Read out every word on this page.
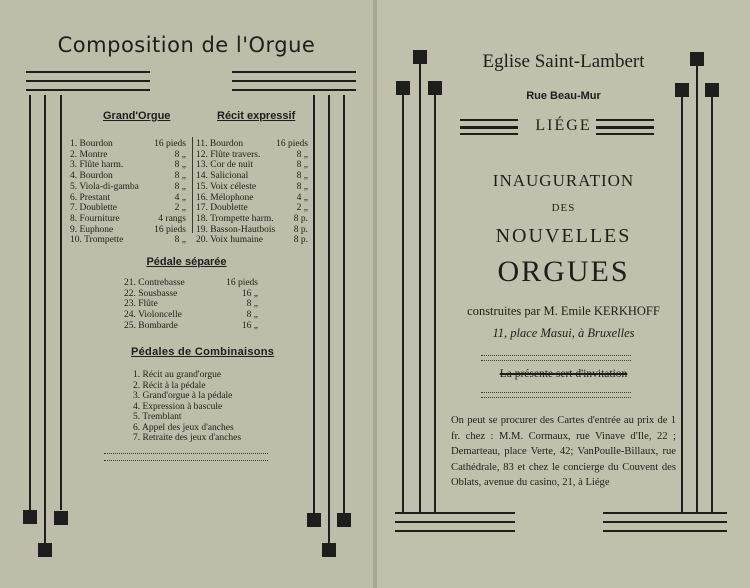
Composition de l'Orgue
Grand'Orgue	Récit expressif
1. Bourdon	16 pieds
2. Montre	8 „
3. Flûte harm.	8 „
4. Bourdon	8 „
5. Viola-di-gamba	8 „
6. Prestant	4 „
7. Doublette	2 „
8. Fourniture	4 rangs
9. Euphone	16 pieds
10. Trompette	8 „
11. Bourdon	16 pieds
12. Flûte travers.	8 „
13. Cor de nuit	8 „
14. Salicional	8 „
15. Voix céleste	8 „
16. Mélophone	4 „
17. Doublette	2 „
18. Trompette harm. 8 p.
19. Basson-Hautbois 8 p.
20. Voix humaine	8 p.
Pédale séparée
21. Contrebasse	16 pieds
22. Sousbasse	16 „
23. Flûte	8 „
24. Violoncelle	8 „
25. Bombarde	16 „
Pédales de Combinaisons
1. Récit au grand'orgue
2. Récit à la pédale
3. Grand'orgue à la pédale
4. Expression à bascule
5. Tremblant
6. Appel des jeux d'anches
7. Retraite des jeux d'anches
Eglise Saint-Lambert
Rue Beau-Mur
LIÉGE
INAUGURATION
DES
NOUVELLES
ORGUES
construites par M. Emile KERKHOFF
11, place Masui, à Bruxelles
La présente sert d'invitation
On peut se procurer des Cartes d'entrée au prix de 1 fr. chez : M.M. Cormaux, rue Vinave d'Ile, 22 ; Demarteau, place Verte, 42; VanPoulle-Billaux, rue Cathédrale, 83 et chez le concierge du Couvent des Oblats, avenue du casino, 21, à Liége
